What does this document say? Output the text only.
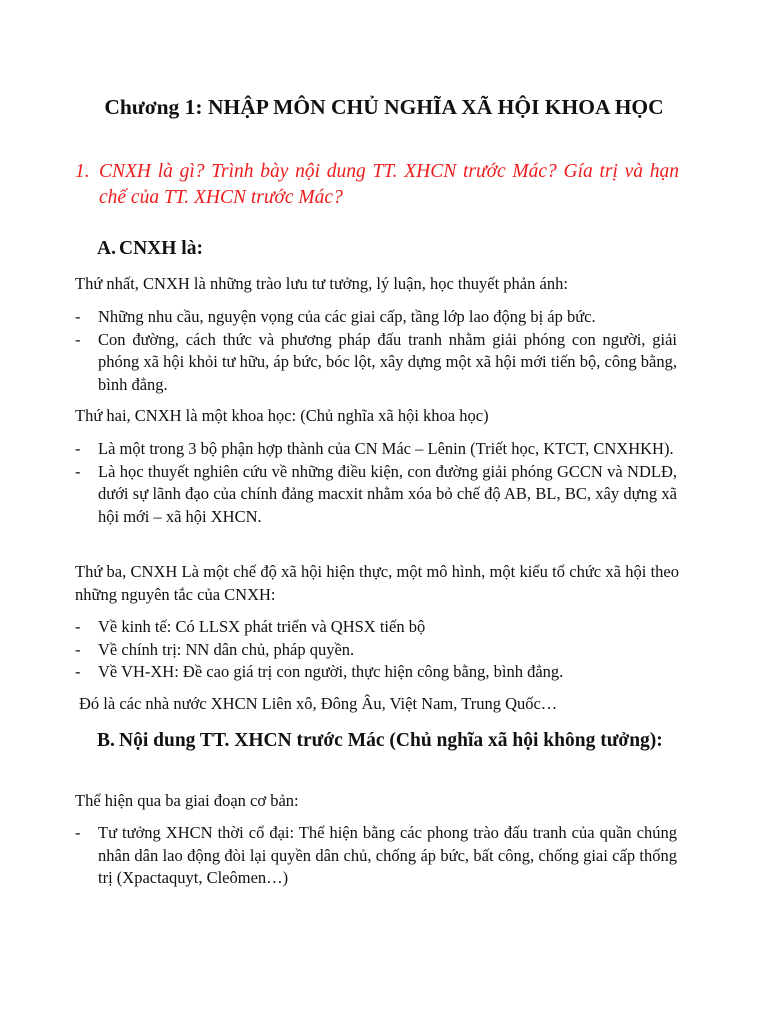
Chương 1: NHẬP MÔN CHỦ NGHĨA XÃ HỘI KHOA HỌC
1. CNXH là gì? Trình bày nội dung TT. XHCN trước Mác? Gía trị và hạn chế của TT. XHCN trước Mác?
A. CNXH là:
Thứ nhất, CNXH là những trào lưu tư tưởng, lý luận, học thuyết phản ánh:
- Những nhu cầu, nguyện vọng của các giai cấp, tầng lớp lao động bị áp bức.
- Con đường, cách thức và phương pháp đấu tranh nhằm giải phóng con người, giải phóng xã hội khỏi tư hữu, áp bức, bóc lột, xây dựng một xã hội mới tiến bộ, công bằng, bình đẳng.
Thứ hai, CNXH là một khoa học: (Chủ nghĩa xã hội khoa học)
- Là một trong 3 bộ phận hợp thành của CN Mác – Lênin (Triết học, KTCT, CNXHKH).
- Là học thuyết nghiên cứu về những điều kiện, con đường giải phóng GCCN và NDLĐ, dưới sự lãnh đạo của chính đảng macxit nhằm xóa bỏ chế độ AB, BL, BC, xây dựng xã hội mới – xã hội XHCN.
Thứ ba, CNXH Là một chế độ xã hội hiện thực, một mô hình, một kiểu tổ chức xã hội theo những nguyên tắc của CNXH:
- Về kinh tế: Có LLSX phát triển và QHSX tiến bộ
- Về chính trị: NN dân chủ, pháp quyền.
- Về VH-XH: Đề cao giá trị con người, thực hiện công bằng, bình đẳng.
Đó là các nhà nước XHCN Liên xô, Đông Âu, Việt Nam, Trung Quốc…
B. Nội dung TT. XHCN trước Mác (Chủ nghĩa xã hội không tưởng):
Thể hiện qua ba giai đoạn cơ bản:
- Tư tưởng XHCN thời cổ đại: Thể hiện bằng các phong trào đấu tranh của quần chúng nhân dân lao động đòi lại quyền dân chủ, chống áp bức, bất công, chống giai cấp thống trị (Xpactaquyt, Cleômen…)
